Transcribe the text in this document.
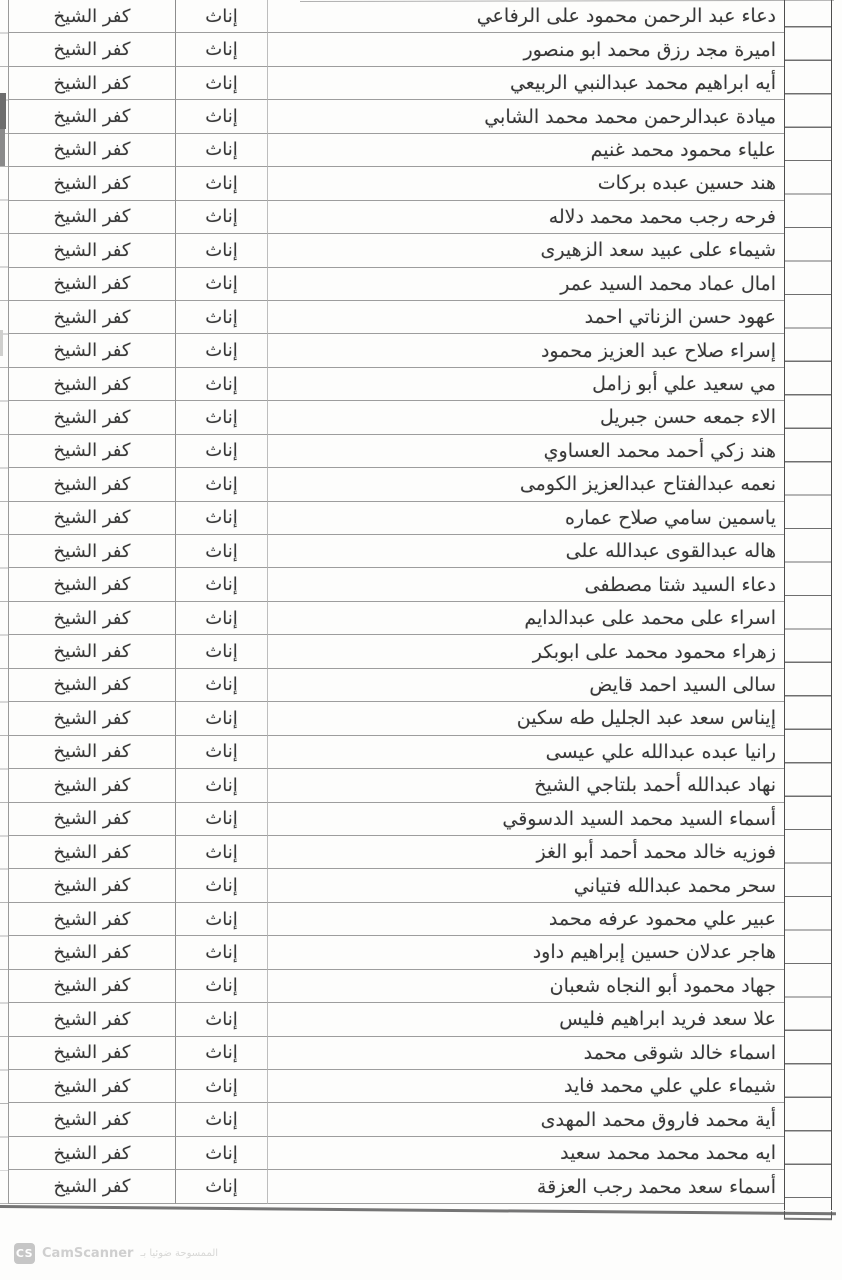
دعاء عبد الرحمن محمود على الرفاعي
إناث
كفر الشيخ
اميرة مجد رزق محمد ابو منصور
إناث
كفر الشيخ
أيه ابراهيم محمد عبدالنبي الربيعي
إناث
كفر الشيخ
ميادة عبدالرحمن محمد محمد الشابي
إناث
كفر الشيخ
علياء محمود محمد غنيم
إناث
كفر الشيخ
هند حسين عبده بركات
إناث
كفر الشيخ
فرحه رجب محمد محمد دلاله
إناث
كفر الشيخ
شيماء على عبيد سعد الزهيرى
إناث
كفر الشيخ
امال عماد محمد السيد عمر
إناث
كفر الشيخ
عهود حسن الزناتي احمد
إناث
كفر الشيخ
إسراء صلاح عبد العزيز محمود
إناث
كفر الشيخ
مي سعيد علي أبو زامل
إناث
كفر الشيخ
الاء جمعه حسن جبريل
إناث
كفر الشيخ
هند زكي أحمد محمد العساوي
إناث
كفر الشيخ
نعمه عبدالفتاح عبدالعزيز الكومى
إناث
كفر الشيخ
ياسمين سامي صلاح عماره
إناث
كفر الشيخ
هاله عبدالقوى عبدالله على
إناث
كفر الشيخ
دعاء السيد شتا مصطفى
إناث
كفر الشيخ
اسراء على محمد على عبدالدايم
إناث
كفر الشيخ
زهراء محمود محمد على ابوبكر
إناث
كفر الشيخ
سالى السيد احمد قايض
إناث
كفر الشيخ
إيناس سعد عبد الجليل طه سكين
إناث
كفر الشيخ
رانيا عبده عبدالله علي عيسى
إناث
كفر الشيخ
نهاد عبدالله أحمد بلتاجي الشيخ
إناث
كفر الشيخ
أسماء السيد محمد السيد الدسوقي
إناث
كفر الشيخ
فوزيه خالد محمد أحمد أبو الغز
إناث
كفر الشيخ
سحر محمد عبدالله فتياني
إناث
كفر الشيخ
عبير علي محمود عرفه محمد
إناث
كفر الشيخ
هاجر عدلان حسين إبراهيم داود
إناث
كفر الشيخ
جهاد محمود أبو النجاه شعبان
إناث
كفر الشيخ
علا سعد فريد ابراهيم فليس
إناث
كفر الشيخ
اسماء خالد شوقى محمد
إناث
كفر الشيخ
شيماء علي علي محمد فايد
إناث
كفر الشيخ
أية محمد فاروق محمد المهدى
إناث
كفر الشيخ
ايه محمد محمد محمد سعيد
إناث
كفر الشيخ
أسماء سعد محمد رجب العزقة
إناث
كفر الشيخ
CS CamScanner الممسوحة ضوئيا بـ
